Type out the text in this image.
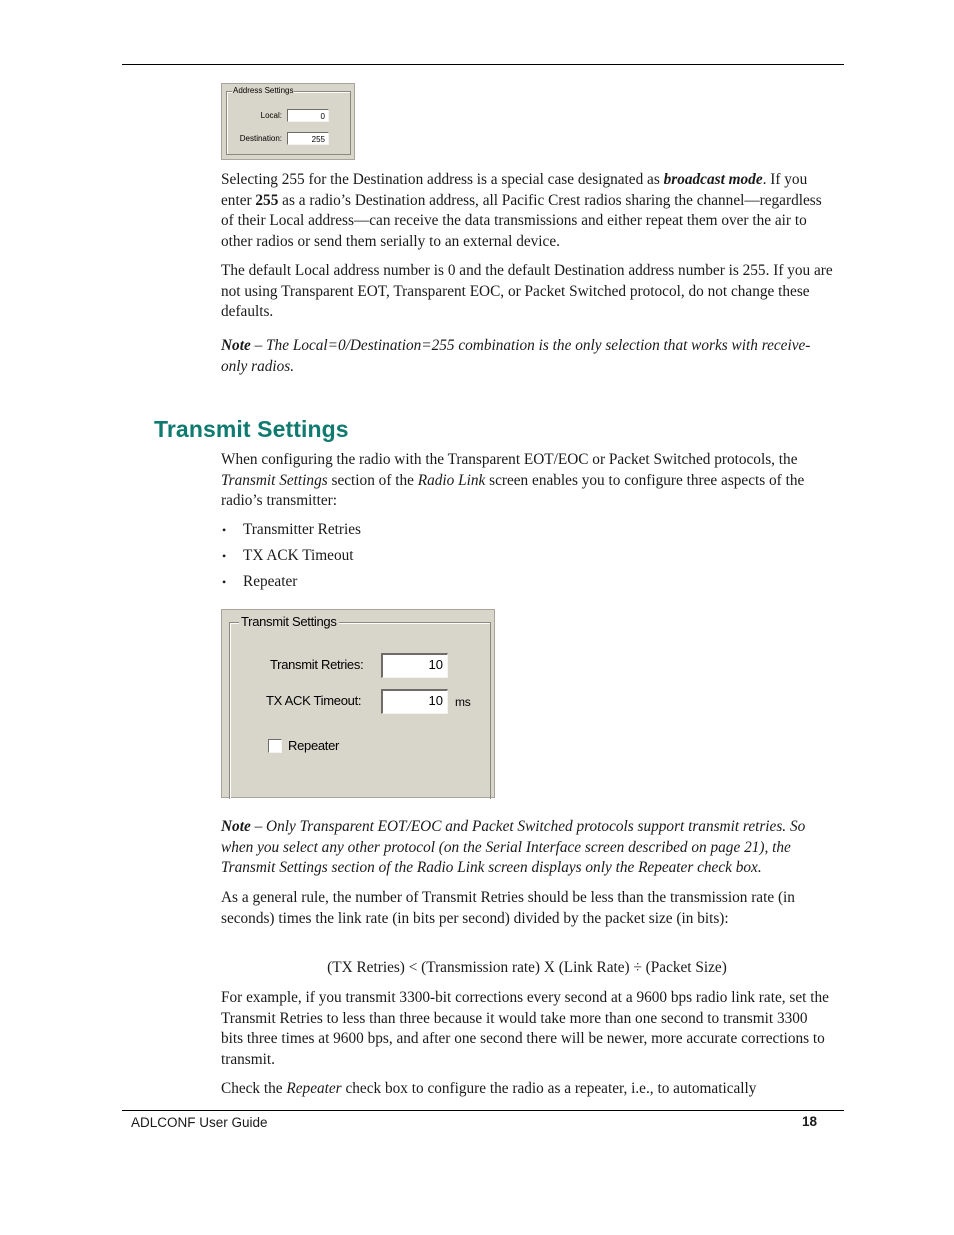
Address Settings
Local:	0
Destination:	255

Selecting 255 for the Destination address is a special case designated as broadcast mode. If you enter 255 as a radio’s Destination address, all Pacific Crest radios sharing the channel—regardless of their Local address—can receive the data transmissions and either repeat them over the air to other radios or send them serially to an external device.

The default Local address number is 0 and the default Destination address number is 255. If you are not using Transparent EOT, Transparent EOC, or Packet Switched protocol, do not change these defaults.

Note – The Local=0/Destination=255 combination is the only selection that works with receive-only radios.

Transmit Settings

When configuring the radio with the Transparent EOT/EOC or Packet Switched protocols, the Transmit Settings section of the Radio Link screen enables you to configure three aspects of the radio’s transmitter:

• Transmitter Retries
• TX ACK Timeout
• Repeater
Transmit Settings
Transmit Retries:	10
TX ACK Timeout:	10	ms
Repeater

Note – Only Transparent EOT/EOC and Packet Switched protocols support transmit retries. So when you select any other protocol (on the Serial Interface screen described on page 21), the Transmit Settings section of the Radio Link screen displays only the Repeater check box.

As a general rule, the number of Transmit Retries should be less than the transmission rate (in seconds) times the link rate (in bits per second) divided by the packet size (in bits):

(TX Retries) < (Transmission rate) X (Link Rate) ÷ (Packet Size)

For example, if you transmit 3300-bit corrections every second at a 9600 bps radio link rate, set the Transmit Retries to less than three because it would take more than one second to transmit 3300 bits three times at 9600 bps, and after one second there will be newer, more accurate corrections to transmit.

Check the Repeater check box to configure the radio as a repeater, i.e., to automatically

ADLCONF User Guide	18
